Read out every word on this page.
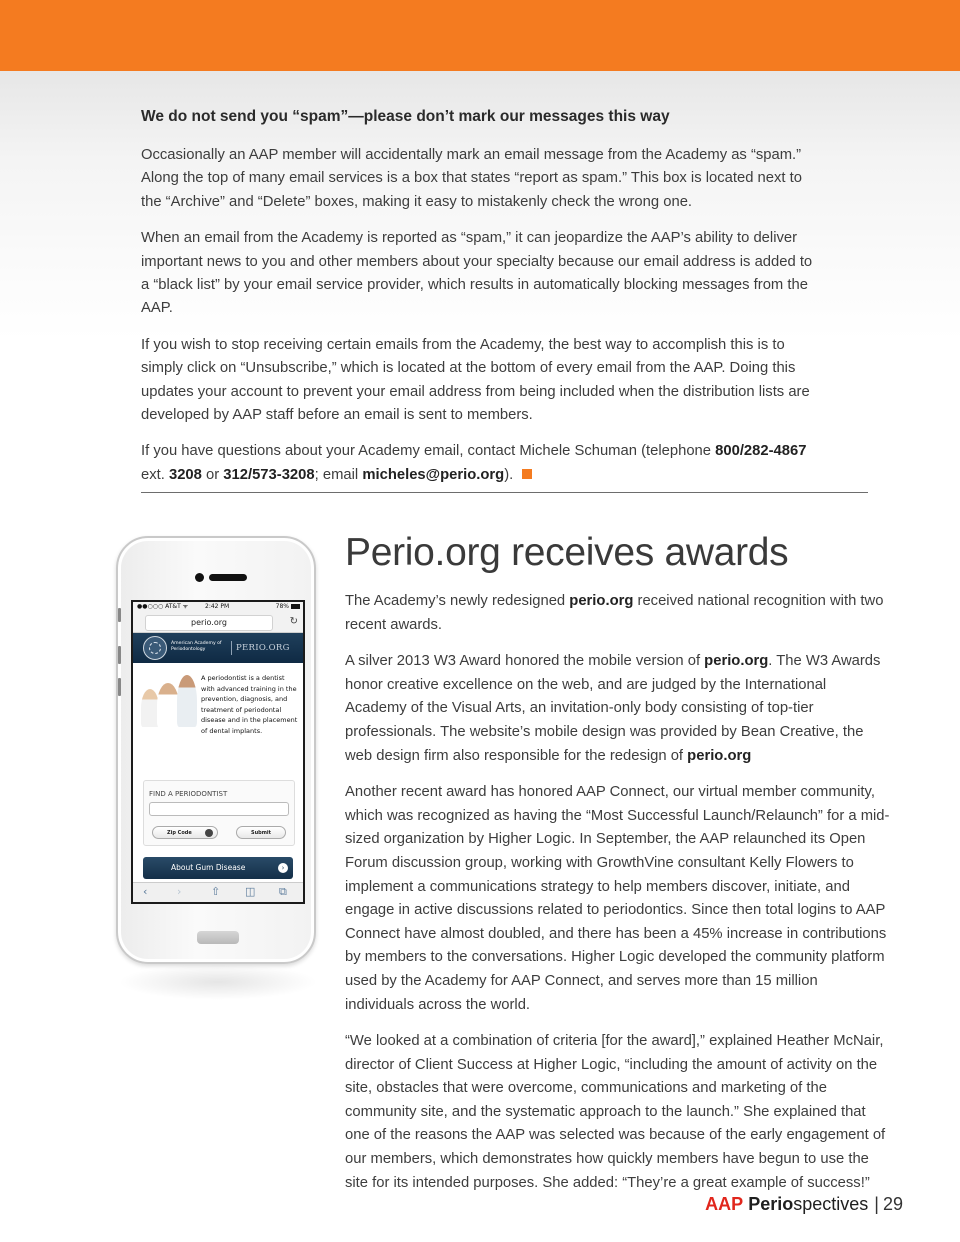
We do not send you “spam”—please don’t mark our messages this way

Occasionally an AAP member will accidentally mark an email message from the Academy as “spam.” Along the top of many email services is a box that states “report as spam.” This box is located next to the “Archive” and “Delete” boxes, making it easy to mistakenly check the wrong one.

When an email from the Academy is reported as “spam,” it can jeopardize the AAP’s ability to deliver important news to you and other members about your specialty because our email address is added to a “black list” by your email service provider, which results in automatically blocking messages from the AAP.

If you wish to stop receiving certain emails from the Academy, the best way to accomplish this is to simply click on “Unsubscribe,” which is located at the bottom of every email from the AAP. Doing this updates your account to prevent your email address from being included when the distribution lists are developed by AAP staff before an email is sent to members.

If you have questions about your Academy email, contact Michele Schuman (telephone 800/282-4867 ext. 3208 or 312/573-3208; email micheles@perio.org).

●●○○○ AT&T ᯤ	2:42 PM	78%
perio.org	↻
American Academy of Periodontology	PERIO.ORG
A periodontist is a dentist with advanced training in the prevention, diagnosis, and treatment of periodontal disease and in the placement of dental implants.
FIND A PERIODONTIST
Zip Code	Submit
About Gum Disease	›
‹	›	⇧ ◫ ⧉
Perio.org receives awards

The Academy’s newly redesigned perio.org received national recognition with two recent awards.

A silver 2013 W3 Award honored the mobile version of perio.org. The W3 Awards honor creative excellence on the web, and are judged by the International Academy of the Visual Arts, an invitation-only body consisting of top-tier professionals. The website’s mobile design was provided by Bean Creative, the web design firm also responsible for the redesign of perio.org

Another recent award has honored AAP Connect, our virtual member community, which was recognized as having the “Most Successful Launch/Relaunch” for a mid-sized organization by Higher Logic. In September, the AAP relaunched its Open Forum discussion group, working with GrowthVine consultant Kelly Flowers to implement a communications strategy to help members discover, initiate, and engage in active discussions related to periodontics. Since then total logins to AAP Connect have almost doubled, and there has been a 45% increase in contributions by members to the conversations. Higher Logic developed the community platform used by the Academy for AAP Connect, and serves more than 15 million individuals across the world.

“We looked at a combination of criteria [for the award],” explained Heather McNair, director of Client Success at Higher Logic, “including the amount of activity on the site, obstacles that were overcome, communications and marketing of the community site, and the systematic approach to the launch.” She explained that one of the reasons the AAP was selected was because of the early engagement of our members, which demonstrates how quickly members have begun to use the site for its intended purposes. She added: “They’re a great example of success!”

AAP Periospectives | 29
